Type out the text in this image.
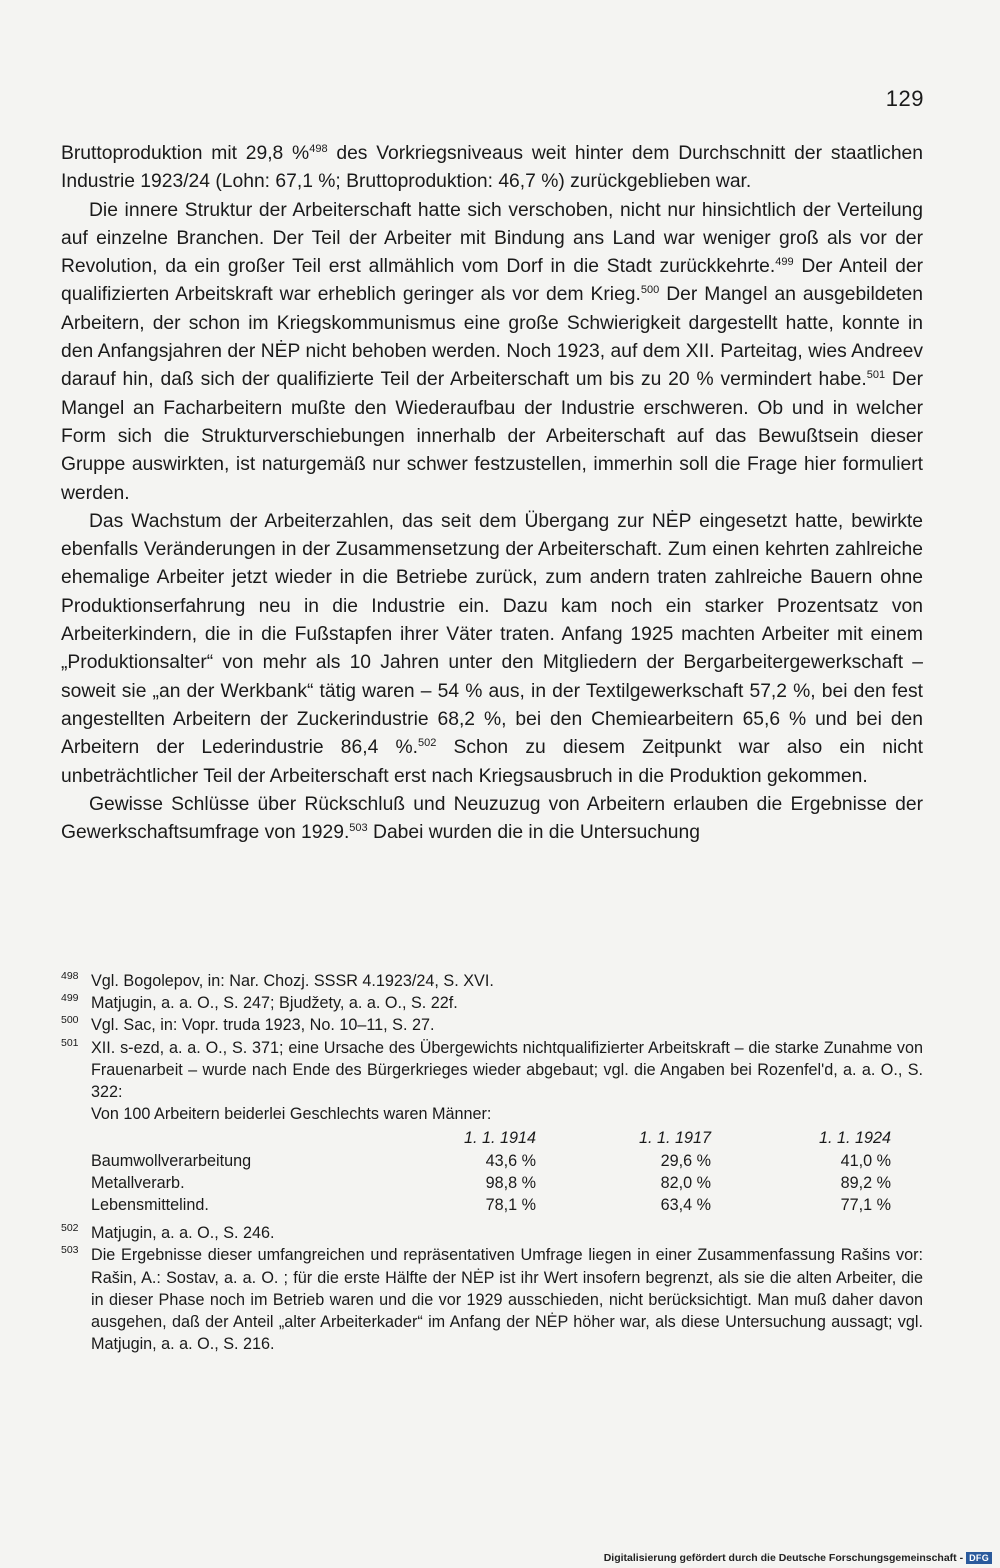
129

Bruttoproduktion mit 29,8 %$^{498}$ des Vorkriegsniveaus weit hinter dem Durchschnitt der staatlichen Industrie 1923/24 (Lohn: 67,1 %; Bruttoproduktion: 46,7 %) zurückgeblieben war.

Die innere Struktur der Arbeiterschaft hatte sich verschoben, nicht nur hinsichtlich der Verteilung auf einzelne Branchen. Der Teil der Arbeiter mit Bindung ans Land war weniger groß als vor der Revolution, da ein großer Teil erst allmählich vom Dorf in die Stadt zurückkehrte.$^{499}$ Der Anteil der qualifizierten Arbeitskraft war erheblich geringer als vor dem Krieg.$^{500}$ Der Mangel an ausgebildeten Arbeitern, der schon im Kriegskommunismus eine große Schwierigkeit dargestellt hatte, konnte in den Anfangsjahren der NĖP nicht behoben werden. Noch 1923, auf dem XII. Parteitag, wies Andreev darauf hin, daß sich der qualifizierte Teil der Arbeiterschaft um bis zu 20 % vermindert habe.$^{501}$ Der Mangel an Facharbeitern mußte den Wiederaufbau der Industrie erschweren. Ob und in welcher Form sich die Strukturverschiebungen innerhalb der Arbeiterschaft auf das Bewußtsein dieser Gruppe auswirkten, ist naturgemäß nur schwer festzustellen, immerhin soll die Frage hier formuliert werden.

Das Wachstum der Arbeiterzahlen, das seit dem Übergang zur NĖP eingesetzt hatte, bewirkte ebenfalls Veränderungen in der Zusammensetzung der Arbeiterschaft. Zum einen kehrten zahlreiche ehemalige Arbeiter jetzt wieder in die Betriebe zurück, zum andern traten zahlreiche Bauern ohne Produktionserfahrung neu in die Industrie ein. Dazu kam noch ein starker Prozentsatz von Arbeiterkindern, die in die Fußstapfen ihrer Väter traten. Anfang 1925 machten Arbeiter mit einem „Produktionsalter“ von mehr als 10 Jahren unter den Mitgliedern der Bergarbeitergewerkschaft – soweit sie „an der Werkbank“ tätig waren – 54 % aus, in der Textilgewerkschaft 57,2 %, bei den fest angestellten Arbeitern der Zuckerindustrie 68,2 %, bei den Chemiearbeitern 65,6 % und bei den Arbeitern der Lederindustrie 86,4 %.$^{502}$ Schon zu diesem Zeitpunkt war also ein nicht unbeträchtlicher Teil der Arbeiterschaft erst nach Kriegsausbruch in die Produktion gekommen.

Gewisse Schlüsse über Rückschluß und Neuzuzug von Arbeitern erlauben die Ergebnisse der Gewerkschaftsumfrage von 1929.$^{503}$ Dabei wurden die in die Untersuchung

498 Vgl. Bogolepov, in: Nar. Chozj. SSSR 4.1923/24, S. XVI.
499 Matjugin, a. a. O., S. 247; Bjudžety, a. a. O., S. 22f.
500 Vgl. Sac, in: Vopr. truda 1923, No. 10–11, S. 27.
501 XII. s-ezd, a. a. O., S. 371; eine Ursache des Übergewichts nichtqualifizierter Arbeitskraft – die starke Zunahme von Frauenarbeit – wurde nach Ende des Bürgerkrieges wieder abgebaut; vgl. die Angaben bei Rozenfel'd, a. a. O., S. 322:
Von 100 Arbeitern beiderlei Geschlechts waren Männer:
	1. 1. 1914	1. 1. 1917	1. 1. 1924
Baumwollverarbeitung	43,6 %	29,6 %	41,0 %
Metallverarb.	98,8 %	82,0 %	89,2 %
Lebensmittelind.	78,1 %	63,4 %	77,1 %
502 Matjugin, a. a. O., S. 246.
503 Die Ergebnisse dieser umfangreichen und repräsentativen Umfrage liegen in einer Zusammenfassung Rašins vor: Rašin, A.: Sostav, a. a. O. ; für die erste Hälfte der NĖP ist ihr Wert insofern begrenzt, als sie die alten Arbeiter, die in dieser Phase noch im Betrieb waren und die vor 1929 ausschieden, nicht berücksichtigt. Man muß daher davon ausgehen, daß der Anteil „alter Arbeiterkader“ im Anfang der NĖP höher war, als diese Untersuchung aussagt; vgl. Matjugin, a. a. O., S. 216.
Digitalisierung gefördert durch die Deutsche Forschungsgemeinschaft - DFG
